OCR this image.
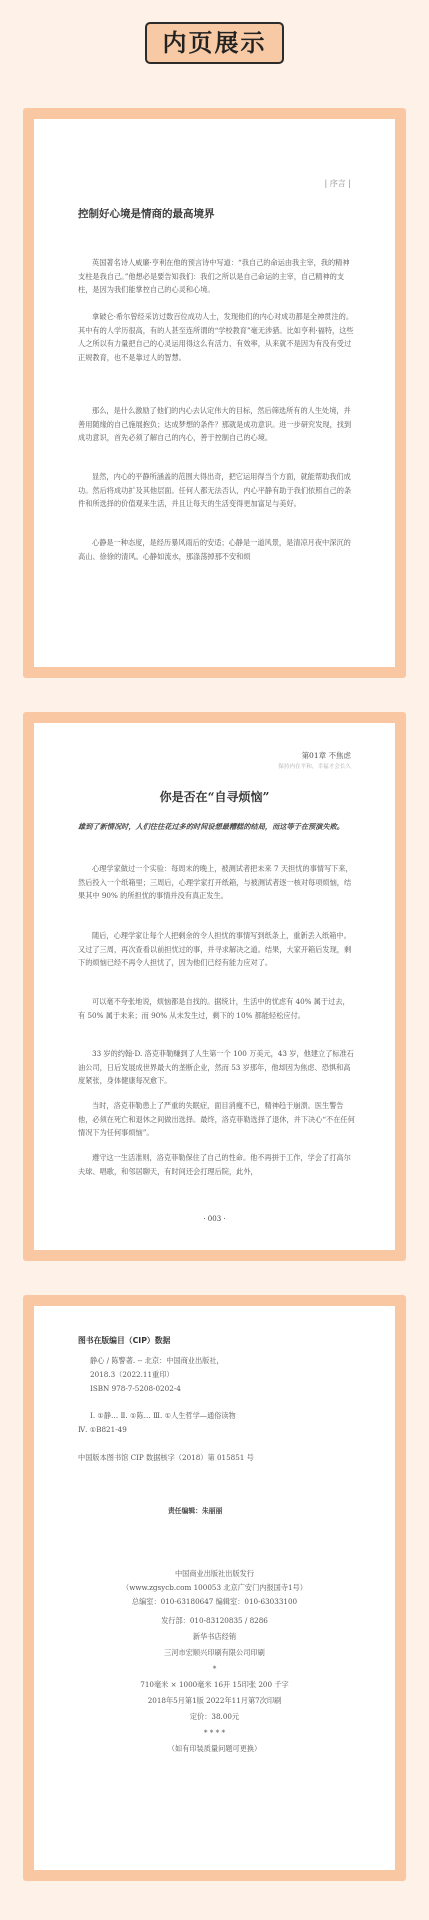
内页展示
| 序言 |
控制好心境是情商的最高境界
英国著名诗人威廉·亨利在他的预言诗中写道：“我自己的命运由我主宰，我的精神支柱是我自己。”他想必是要告知我们：我们之所以是自己命运的主宰，自己精神的支柱，是因为我们能掌控自己的心灵和心境。
拿破仑·希尔曾经采访过数百位成功人士，发现他们的内心对成功都是全神贯注的。其中有的人学历很高，有的人甚至连所谓的“学校教育”毫无涉猎。比如亨利·福特，这些人之所以有力量把自己的心灵运用得这么有活力、有效率，从来就不是因为有没有受过正规教育，也不是靠过人的智慧。
那么，是什么激励了他们的内心去认定伟大的目标，然后筛选所有的人生处境，并善用随缘的自己施展抱负；达成梦想的条件？那就是成功意识。进一步研究发现，找到成功意识，首先必须了解自己的内心，善于控制自己的心境。
显然，内心的平静所涵盖的范围大得出奇，把它运用得当个方面，就能帮助我们成功。然后将成功扩及其他层面。任何人都无法否认，内心平静有助于我们依照自己的条件和所选择的价值观来生活，并且让每天的生活变得更加富足与美好。
心静是一种态度，是经历暴风雨后的安适；心静是一道风景，是清凉月夜中深沉的高山、徐徐的清风。心静如流水，那涤荡掉那不安和烦
第01章 不焦虑
保持内在平和，幸福才会长久
你是否在“自寻烦恼”
雄到了新情况时，人们往往花过多的时间设想最糟糕的结局，而这等于在预演失败。
心理学家做过一个实验：每周末的晚上，被测试者把未来 7 天担忧的事情写下来，然后投入一个纸箱里；三周后，心理学家打开纸箱，与被测试者逐一核对每项烦恼，结果其中 90% 的所担忧的事情并没有真正发生。
随后，心理学家让每个人把剩余的令人担忧的事情写到纸条上，重新丢入纸箱中。又过了三周，再次查看以前担忧过的事，并寻求解决之道。结果，大家开箱后发现，剩下的烦恼已经不再令人担忧了，因为他们已经有能力应对了。
可以毫不夸张地说，烦恼都是自找的。据统计，生活中的忧虑有 40% 属于过去，有 50% 属于未来；而 90% 从未发生过，剩下的 10% 都能轻松应付。
33 岁的约翰·D. 洛克菲勒赚到了人生第一个 100 万美元，43 岁，他建立了标准石油公司，日后发展成世界最大的垄断企业，然而 53 岁那年，他却因为焦虑、恐惧和高度紧张，身体健康每况愈下。
当时，洛克菲勒患上了严重的失眠症，面目消瘦不已，精神趋于崩溃。医生警告他，必须在死亡和退休之间做出选择。最终，洛克菲勒选择了退休，并下决心“不在任何情况下为任何事烦恼”。
遵守这一生活准则，洛克菲勒保住了自己的性命。他不再拼于工作，学会了打高尔夫球、唱歌，和邻居聊天，有时间还会打理后院，此外，
· 003 ·
图书在版编目（CIP）数据
静心 / 陈警著. -- 北京：中国商业出版社，
2018.3（2022.11重印）
ISBN 978-7-5208-0202-4
Ⅰ. ①静… Ⅱ. ①陈… Ⅲ. ①人生哲学—通俗读物
Ⅳ. ①B821-49
中国版本图书馆 CIP 数据核字（2018）第 015851 号
责任编辑：朱丽丽
中国商业出版社出版发行
（www.zgsycb.com 100053 北京广安门内报国寺1号）
总编室：010-63180647 编辑室：010-63033100
发行部：010-83120835 / 8286
新华书店经销
三河市宏顺兴印刷有限公司印刷
*
710毫米 × 1000毫米 16开 15印张 200 千字
2018年5月第1版 2022年11月第7次印刷
定价：38.00元
* * * *
（如有印装质量问题可更换）
